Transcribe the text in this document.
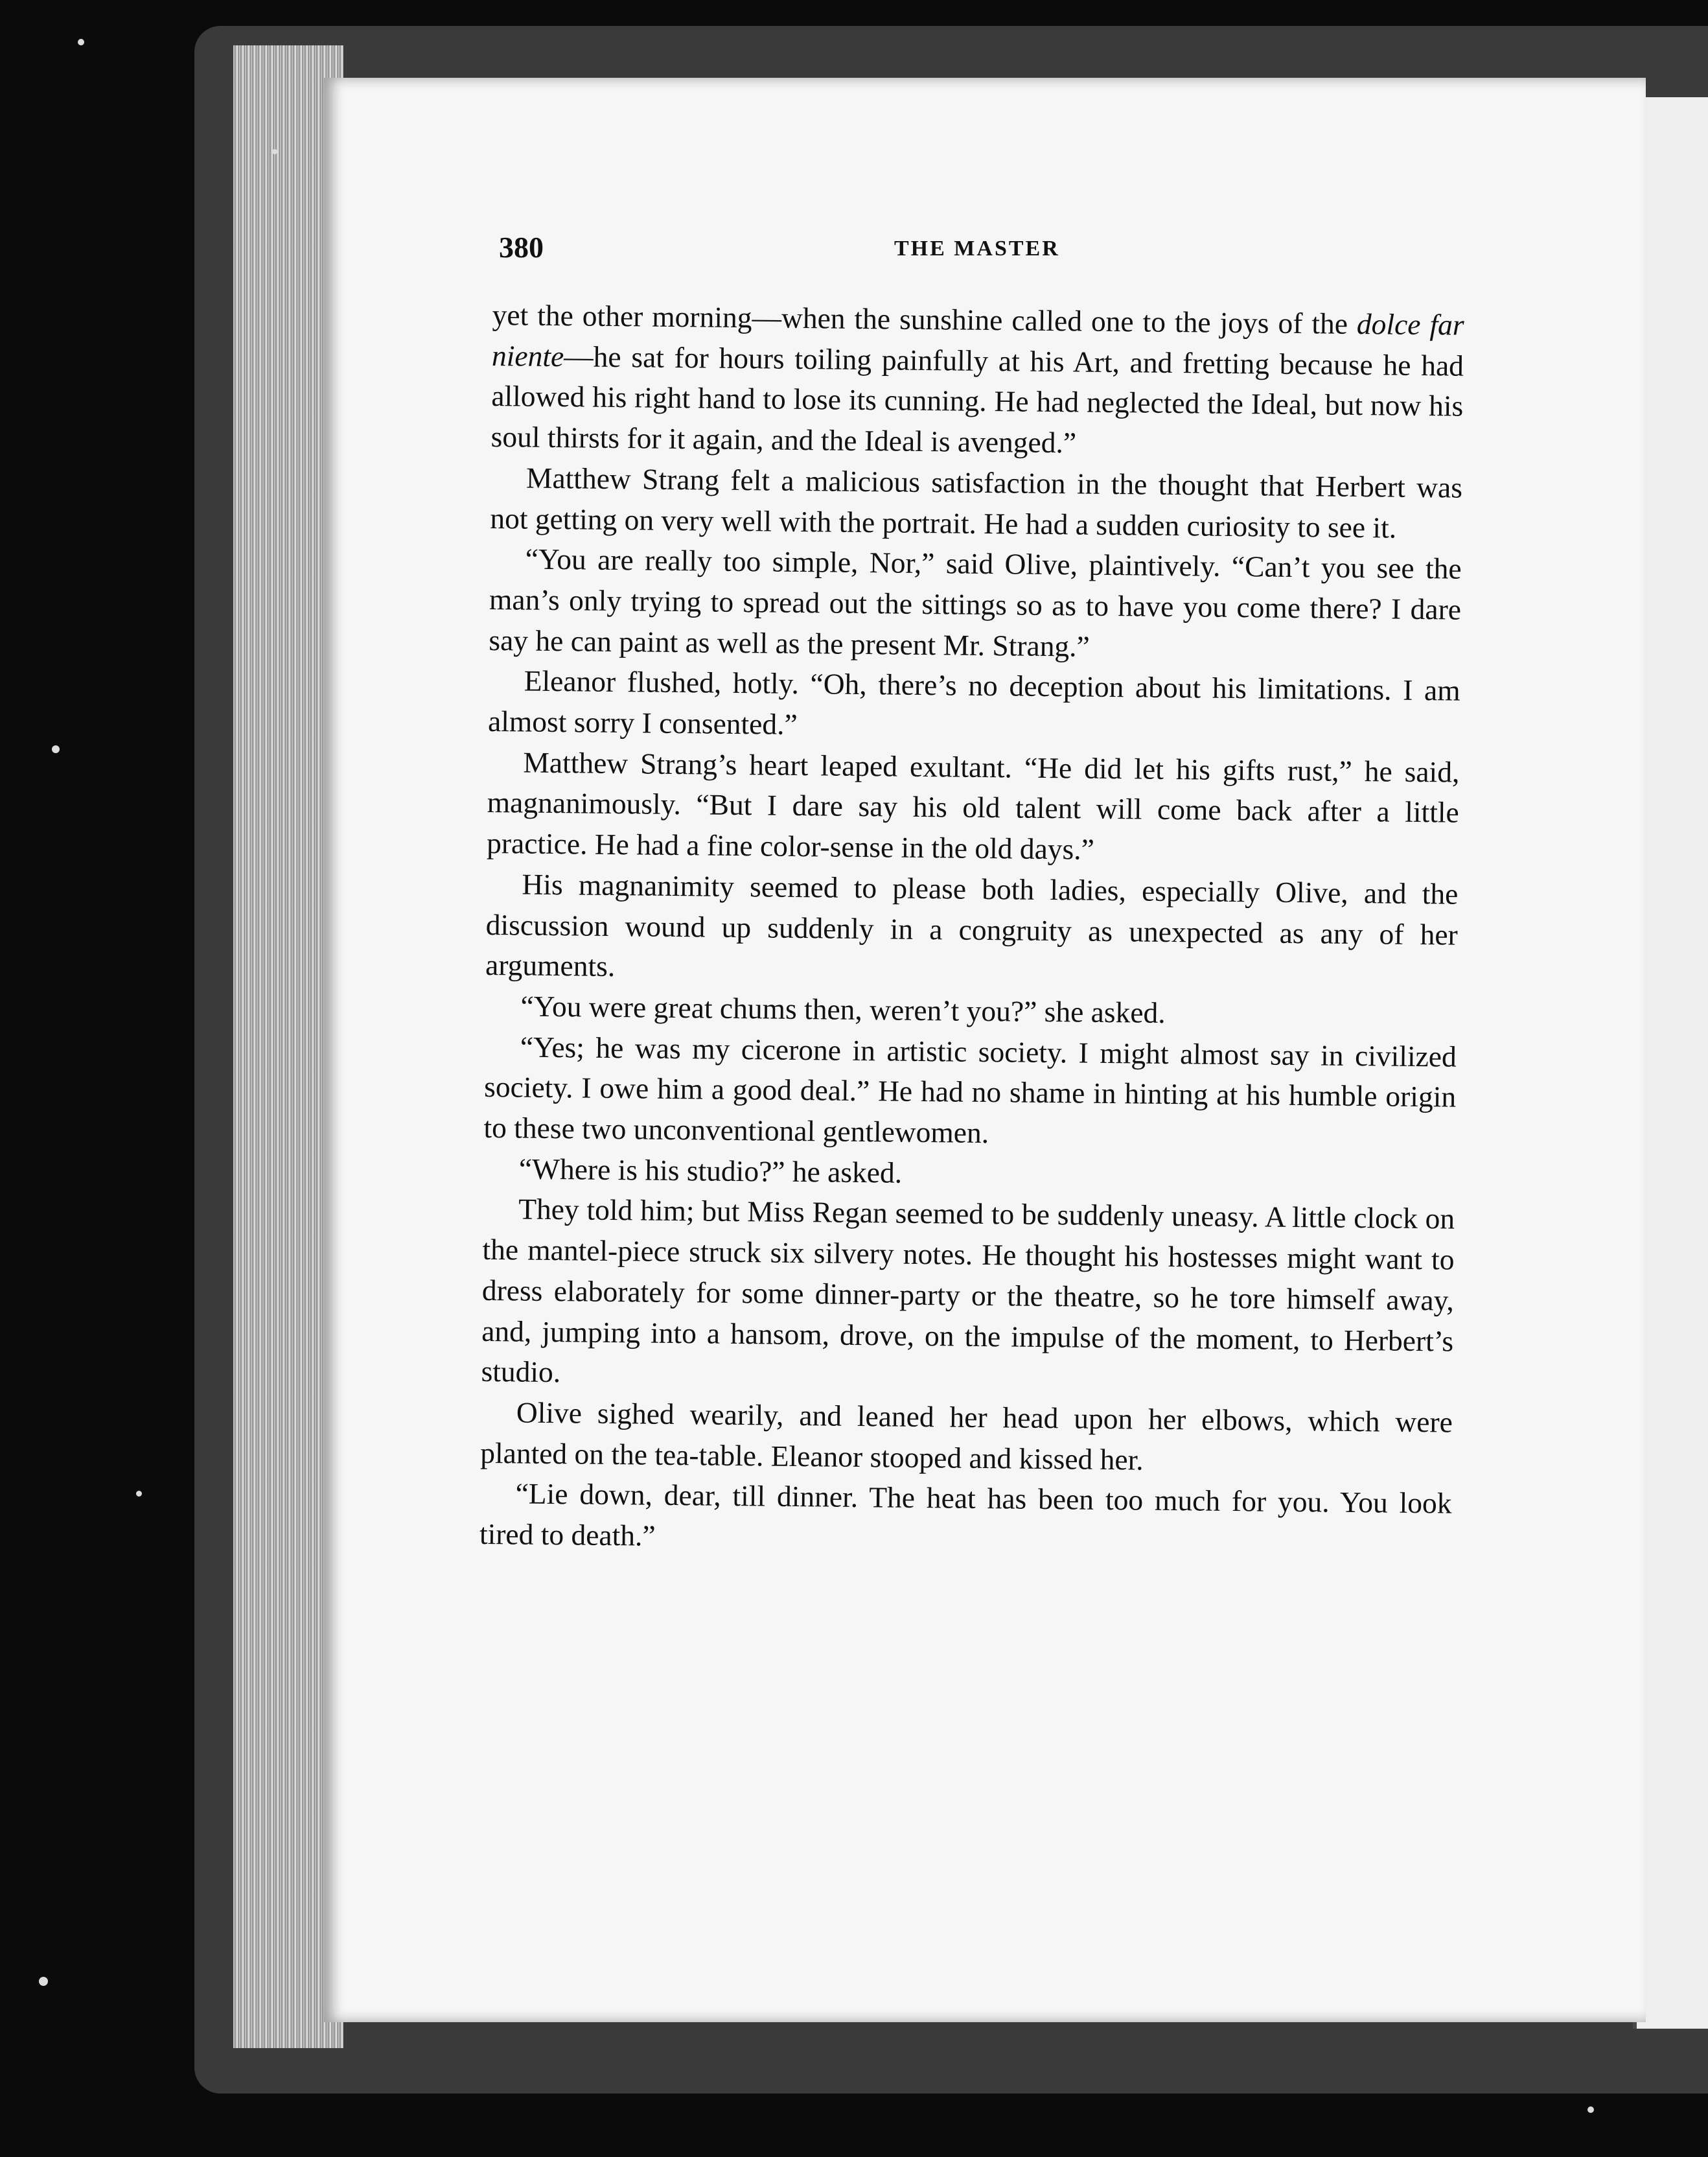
380	THE MASTER

yet the other morning—when the sunshine called one to the joys of the dolce far niente—he sat for hours toiling painfully at his Art, and fretting because he had allowed his right hand to lose its cunning. He had neglected the Ideal, but now his soul thirsts for it again, and the Ideal is avenged.”

Matthew Strang felt a malicious satisfaction in the thought that Herbert was not getting on very well with the portrait. He had a sudden curiosity to see it.

“You are really too simple, Nor,” said Olive, plaintively. “Can’t you see the man’s only trying to spread out the sittings so as to have you come there? I dare say he can paint as well as the present Mr. Strang.”

Eleanor flushed, hotly. “Oh, there’s no deception about his limitations. I am almost sorry I consented.”

Matthew Strang’s heart leaped exultant. “He did let his gifts rust,” he said, magnanimously. “But I dare say his old talent will come back after a little practice. He had a fine color-sense in the old days.”

His magnanimity seemed to please both ladies, especially Olive, and the discussion wound up suddenly in a congruity as unexpected as any of her arguments.

“You were great chums then, weren’t you?” she asked.

“Yes; he was my cicerone in artistic society. I might almost say in civilized society. I owe him a good deal.” He had no shame in hinting at his humble origin to these two unconventional gentlewomen.

“Where is his studio?” he asked.

They told him; but Miss Regan seemed to be suddenly uneasy. A little clock on the mantel-piece struck six silvery notes. He thought his hostesses might want to dress elaborately for some dinner-party or the theatre, so he tore himself away, and, jumping into a hansom, drove, on the impulse of the moment, to Herbert’s studio.

Olive sighed wearily, and leaned her head upon her elbows, which were planted on the tea-table. Eleanor stooped and kissed her.

“Lie down, dear, till dinner. The heat has been too much for you. You look tired to death.”
